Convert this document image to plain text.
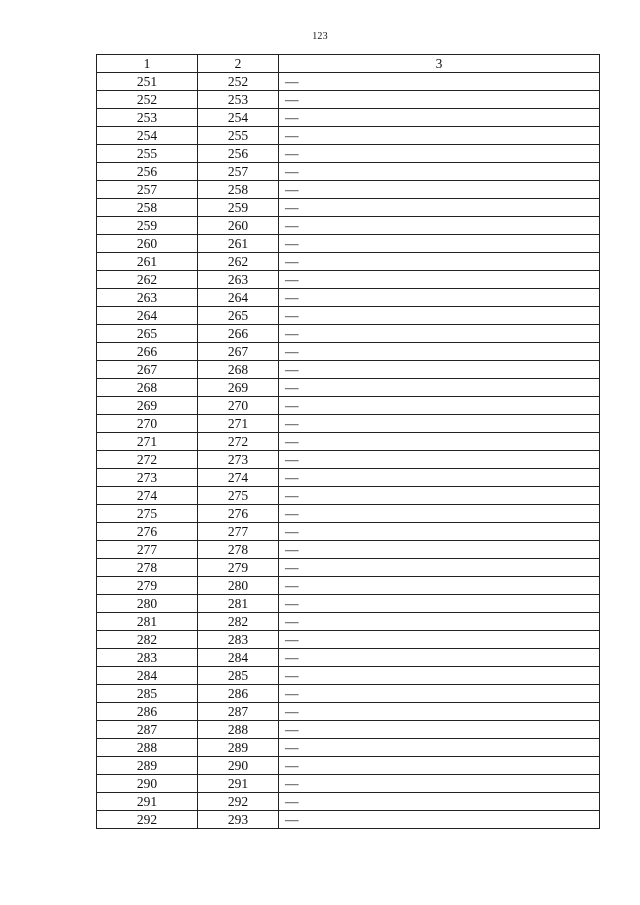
123
1	2	3
251	252	—
252	253	—
253	254	—
254	255	—
255	256	—
256	257	—
257	258	—
258	259	—
259	260	—
260	261	—
261	262	—
262	263	—
263	264	—
264	265	—
265	266	—
266	267	—
267	268	—
268	269	—
269	270	—
270	271	—
271	272	—
272	273	—
273	274	—
274	275	—
275	276	—
276	277	—
277	278	—
278	279	—
279	280	—
280	281	—
281	282	—
282	283	—
283	284	—
284	285	—
285	286	—
286	287	—
287	288	—
288	289	—
289	290	—
290	291	—
291	292	—
292	293	—
